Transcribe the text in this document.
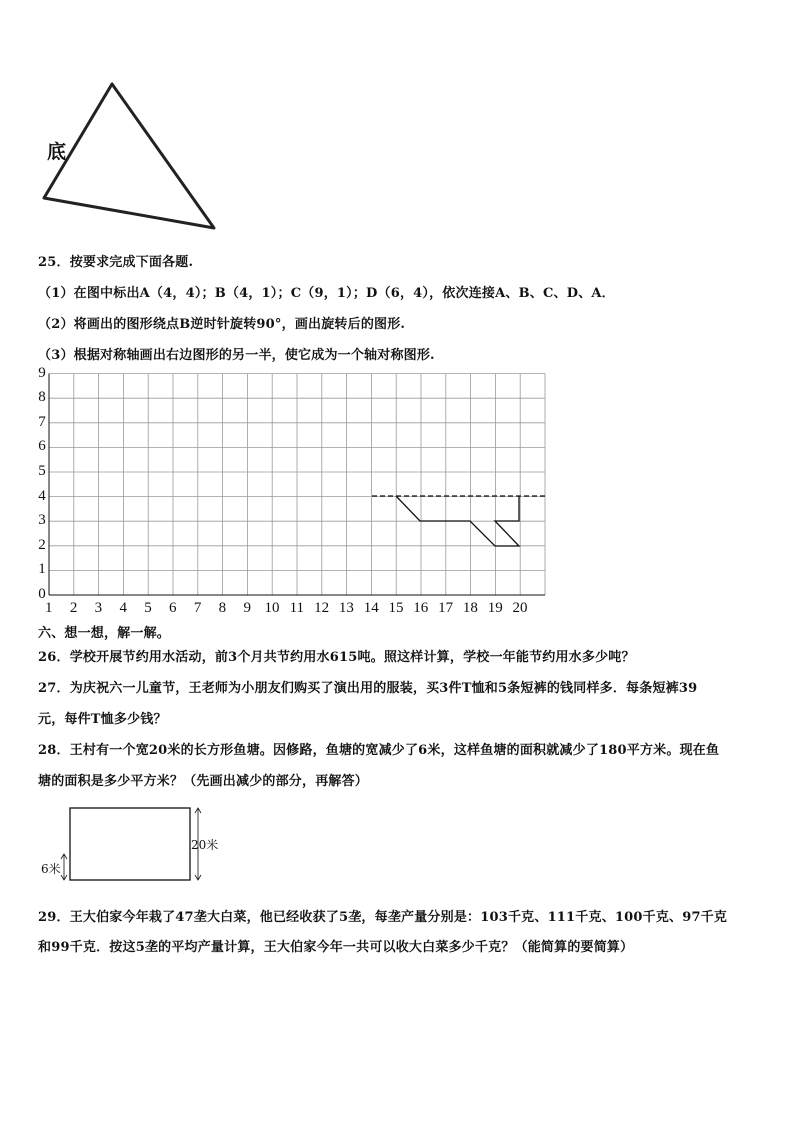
底
25．按要求完成下面各题.
（1）在图中标出A（4，4）；B（4，1）；C（9，1）；D（6，4），依次连接A、B、C、D、A．
（2）将画出的图形绕点B逆时针旋转90°，画出旋转后的图形.
（3）根据对称轴画出右边图形的另一半，使它成为一个轴对称图形.
9
8
7
6
5
4
3
2
1
0
1	2	3	4	5	6	7	8	9 10 11 12 13 14 15 16 17 18 19 20
六、想一想，解一解。
26．学校开展节约用水活动，前3个月共节约用水615吨。照这样计算，学校一年能节约用水多少吨？
27．为庆祝六一儿童节，王老师为小朋友们购买了演出用的服装，买3件T恤和5条短裤的钱同样多．每条短裤39
元，每件T恤多少钱？
28．王村有一个宽20米的长方形鱼塘。因修路，鱼塘的宽减少了6米，这样鱼塘的面积就减少了180平方米。现在鱼
塘的面积是多少平方米？（先画出减少的部分，再解答）
20米
6米
29．王大伯家今年栽了47垄大白菜，他已经收获了5垄，每垄产量分别是：103千克、111千克、100千克、97千克
和99千克．按这5垄的平均产量计算，王大伯家今年一共可以收大白菜多少千克？（能简算的要简算）
